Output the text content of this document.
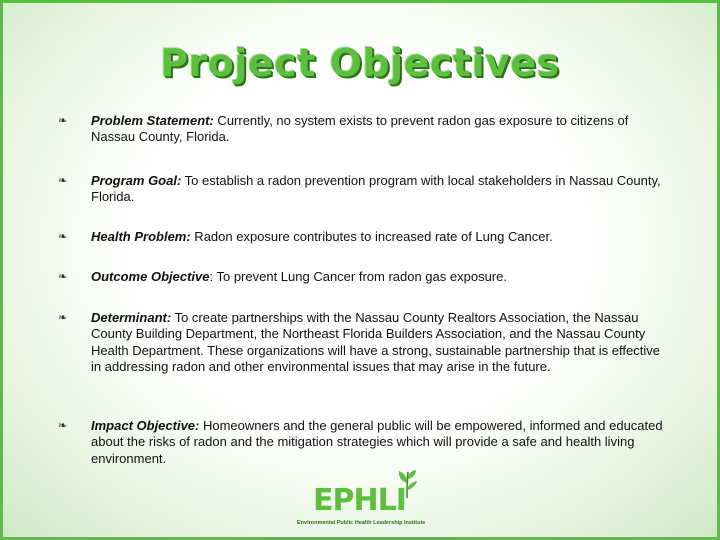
Project Objectives
❧	Problem Statement: Currently, no system exists to prevent radon gas exposure to citizens of Nassau County, Florida.
❧	Program Goal: To establish a radon prevention program with local stakeholders in Nassau County, Florida.
❧	Health Problem: Radon exposure contributes to increased rate of Lung Cancer.
❧	Outcome Objective: To prevent Lung Cancer from radon gas exposure.
❧	Determinant: To create partnerships with the Nassau County Realtors Association, the Nassau County Building Department, the Northeast Florida Builders Association, and the Nassau County Health Department. These organizations will have a strong, sustainable partnership that is effective in addressing radon and other environmental issues that may arise in the future.
❧	Impact Objective: Homeowners and the general public will be empowered, informed and educated about the risks of radon and the mitigation strategies which will provide a safe and health living environment.
EPHLI
Environmental Public Health Leadership Institute
